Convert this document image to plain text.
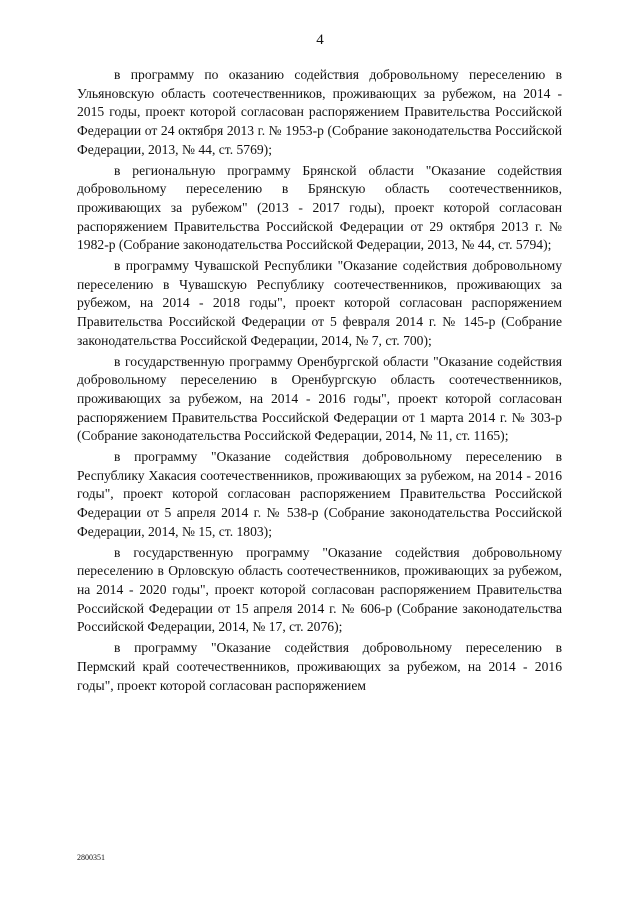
4

в программу по оказанию содействия добровольному переселению в Ульяновскую область соотечественников, проживающих за рубежом, на 2014 - 2015 годы, проект которой согласован распоряжением Правительства Российской Федерации от 24 октября 2013 г. № 1953-р (Собрание законодательства Российской Федерации, 2013, № 44, ст. 5769);

в региональную программу Брянской области "Оказание содействия добровольному переселению в Брянскую область соотечественников, проживающих за рубежом" (2013 - 2017 годы), проект которой согласован распоряжением Правительства Российской Федерации от 29 октября 2013 г. № 1982-р (Собрание законодательства Российской Федерации, 2013, № 44, ст. 5794);

в программу Чувашской Республики "Оказание содействия добровольному переселению в Чувашскую Республику соотечественников, проживающих за рубежом, на 2014 - 2018 годы", проект которой согласован распоряжением Правительства Российской Федерации от 5 февраля 2014 г. № 145-р (Собрание законодательства Российской Федерации, 2014, № 7, ст. 700);

в государственную программу Оренбургской области "Оказание содействия добровольному переселению в Оренбургскую область соотечественников, проживающих за рубежом, на 2014 - 2016 годы", проект которой согласован распоряжением Правительства Российской Федерации от 1 марта 2014 г. № 303-р (Собрание законодательства Российской Федерации, 2014, № 11, ст. 1165);

в программу "Оказание содействия добровольному переселению в Республику Хакасия соотечественников, проживающих за рубежом, на 2014 - 2016 годы", проект которой согласован распоряжением Правительства Российской Федерации от 5 апреля 2014 г. № 538-р (Собрание законодательства Российской Федерации, 2014, № 15, ст. 1803);

в государственную программу "Оказание содействия добровольному переселению в Орловскую область соотечественников, проживающих за рубежом, на 2014 - 2020 годы", проект которой согласован распоряжением Правительства Российской Федерации от 15 апреля 2014 г. № 606-р (Собрание законодательства Российской Федерации, 2014, № 17, ст. 2076);

в программу "Оказание содействия добровольному переселению в Пермский край соотечественников, проживающих за рубежом, на 2014 - 2016 годы", проект которой согласован распоряжением

2800351
